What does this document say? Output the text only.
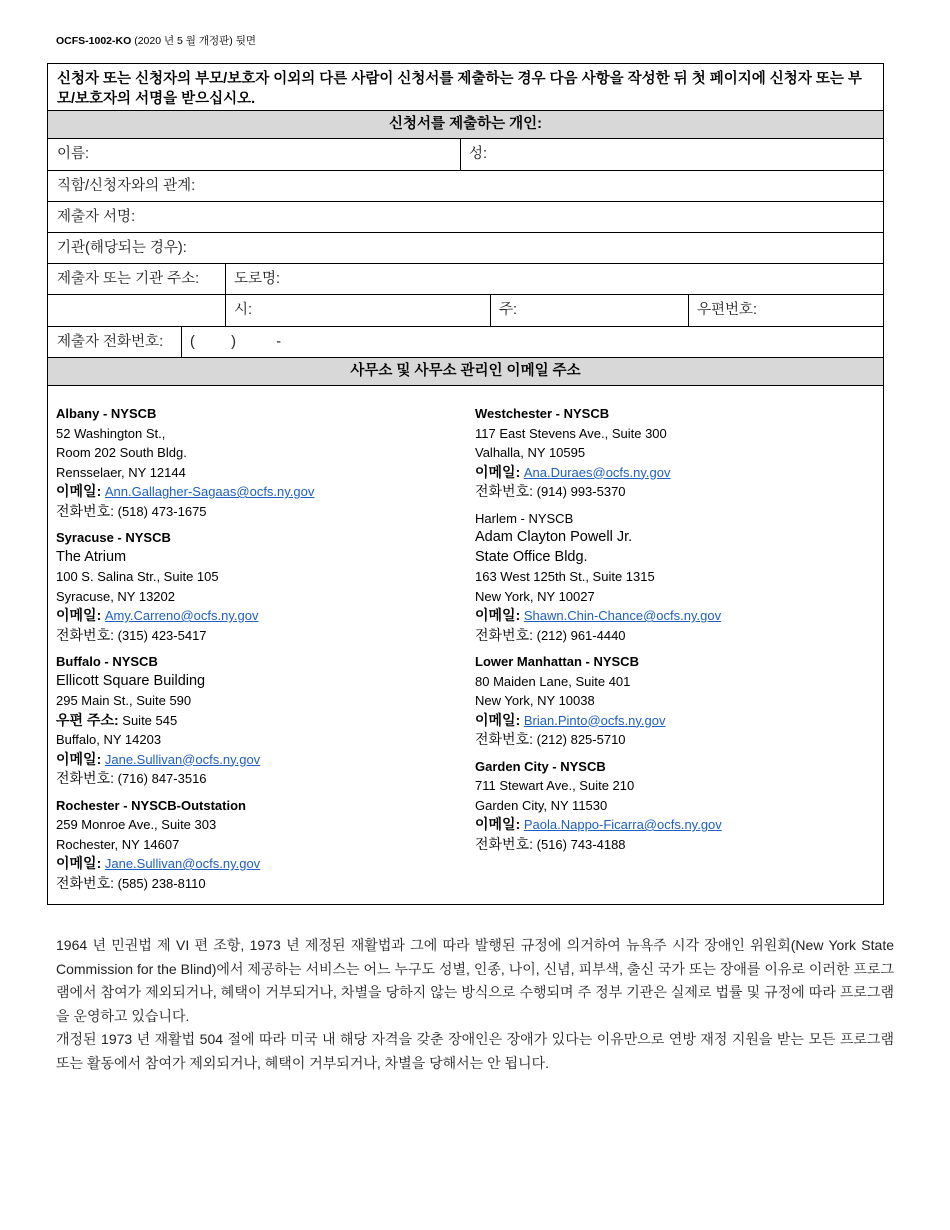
OCFS-1002-KO (2020 년 5 월 개정판) 뒷면
신청자 또는 신청자의 부모/보호자 이외의 다른 사람이 신청서를 제출하는 경우 다음 사항을 작성한 뒤 첫 페이지에 신청자 또는 부모/보호자의 서명을 받으십시오.
신청서를 제출하는 개인:
이름:	성:
직함/신청자와의 관계:
제출자 서명:
기관(해당되는 경우):
제출자 또는 기관 주소:	도로명:
시:	주:	우편번호:
제출자 전화번호:	(         )          -
사무소 및 사무소 관리인 이메일 주소
Albany - NYSCB
52 Washington St.,
Room 202 South Bldg.
Rensselaer, NY 12144
이메일: Ann.Gallagher-Sagaas@ocfs.ny.gov
전화번호: (518) 473-1675
Syracuse - NYSCB
The Atrium
100 S. Salina Str., Suite 105
Syracuse, NY 13202
이메일: Amy.Carreno@ocfs.ny.gov
전화번호: (315) 423-5417
Buffalo - NYSCB
Ellicott Square Building
295 Main St., Suite 590
우편 주소: Suite 545
Buffalo, NY 14203
이메일: Jane.Sullivan@ocfs.ny.gov
전화번호: (716) 847-3516
Rochester - NYSCB-Outstation
259 Monroe Ave., Suite 303
Rochester, NY 14607
이메일: Jane.Sullivan@ocfs.ny.gov
전화번호: (585) 238-8110
Westchester - NYSCB
117 East Stevens Ave., Suite 300
Valhalla, NY 10595
이메일: Ana.Duraes@ocfs.ny.gov
전화번호: (914) 993-5370
Harlem - NYSCB
Adam Clayton Powell Jr.
State Office Bldg.
163 West 125th St., Suite 1315
New York, NY 10027
이메일: Shawn.Chin-Chance@ocfs.ny.gov
전화번호: (212) 961-4440
Lower Manhattan - NYSCB
80 Maiden Lane, Suite 401
New York, NY 10038
이메일: Brian.Pinto@ocfs.ny.gov
전화번호: (212) 825-5710
Garden City - NYSCB
711 Stewart Ave., Suite 210
Garden City, NY 11530
이메일: Paola.Nappo-Ficarra@ocfs.ny.gov
전화번호: (516) 743-4188

1964 년 민권법 제 VI 편 조항, 1973 년 제정된 재활법과 그에 따라 발행된 규정에 의거하여 뉴욕주 시각 장애인 위원회(New York State Commission for the Blind)에서 제공하는 서비스는 어느 누구도 성별, 인종, 나이, 신념, 피부색, 출신 국가 또는 장애를 이유로 이러한 프로그램에서 참여가 제외되거나, 혜택이 거부되거나, 차별을 당하지 않는 방식으로 수행되며 주 정부 기관은 실제로 법률 및 규정에 따라 프로그램을 운영하고 있습니다.

개정된 1973 년 재활법 504 절에 따라 미국 내 해당 자격을 갖춘 장애인은 장애가 있다는 이유만으로 연방 재정 지원을 받는 모든 프로그램 또는 활동에서 참여가 제외되거나, 혜택이 거부되거나, 차별을 당해서는 안 됩니다.
